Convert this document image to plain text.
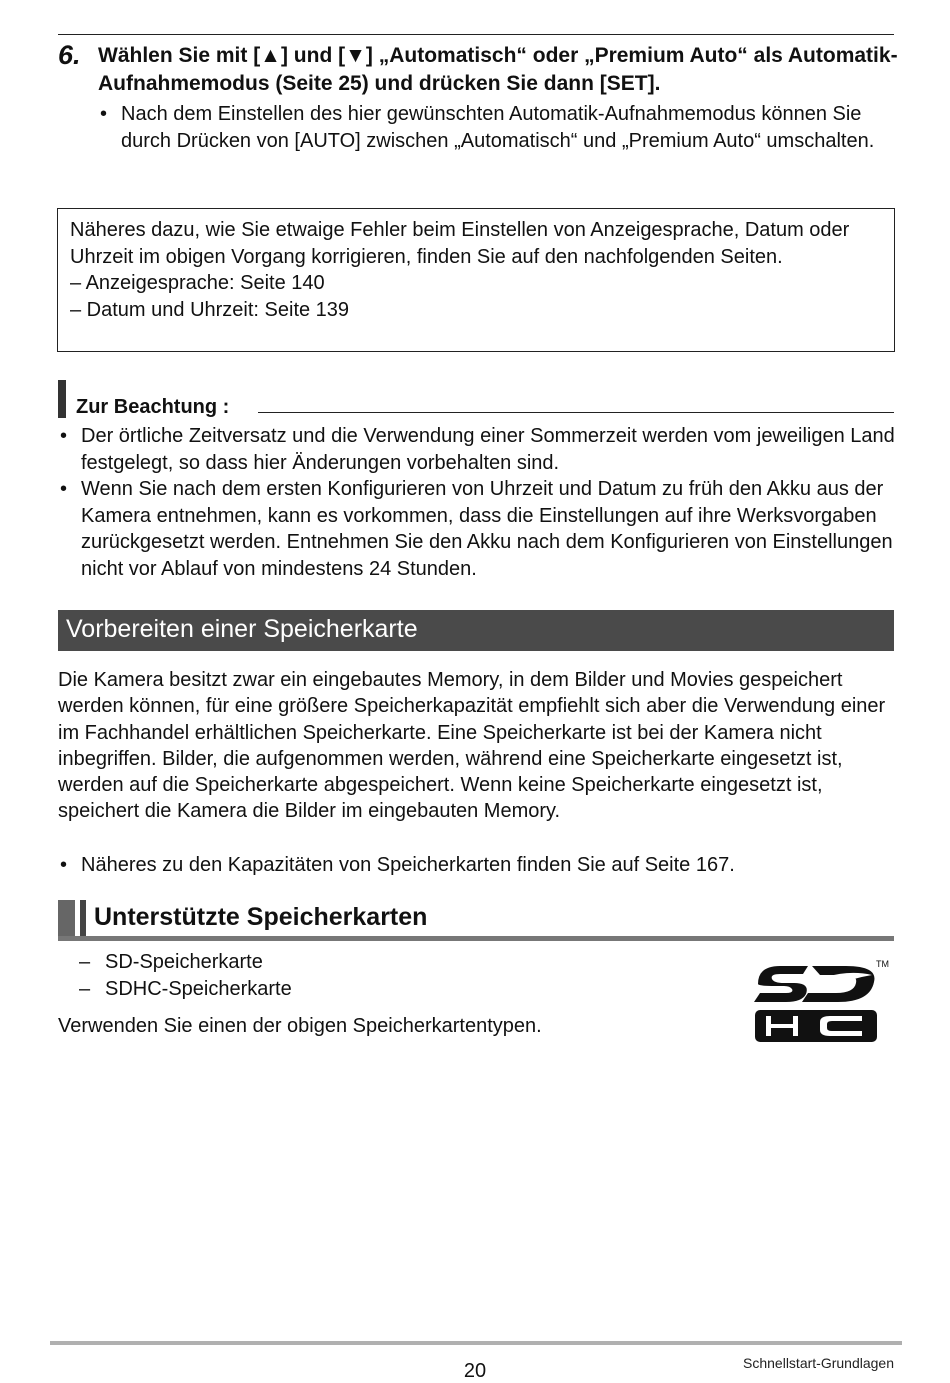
6. Wählen Sie mit [▲] und [▼] „Automatisch“ oder „Premium Auto“ als Automatik-Aufnahmemodus (Seite 25) und drücken Sie dann [SET].
• Nach dem Einstellen des hier gewünschten Automatik-Aufnahmemodus können Sie durch Drücken von [AUTO] zwischen „Automatisch“ und „Premium Auto“ umschalten.
Näheres dazu, wie Sie etwaige Fehler beim Einstellen von Anzeigesprache, Datum oder Uhrzeit im obigen Vorgang korrigieren, finden Sie auf den nachfolgenden Seiten.
– Anzeigesprache: Seite 140
– Datum und Uhrzeit: Seite 139
Zur Beachtung :
• Der örtliche Zeitversatz und die Verwendung einer Sommerzeit werden vom jeweiligen Land festgelegt, so dass hier Änderungen vorbehalten sind.
• Wenn Sie nach dem ersten Konfigurieren von Uhrzeit und Datum zu früh den Akku aus der Kamera entnehmen, kann es vorkommen, dass die Einstellungen auf ihre Werksvorgaben zurückgesetzt werden. Entnehmen Sie den Akku nach dem Konfigurieren von Einstellungen nicht vor Ablauf von mindestens 24 Stunden.
Vorbereiten einer Speicherkarte
Die Kamera besitzt zwar ein eingebautes Memory, in dem Bilder und Movies gespeichert werden können, für eine größere Speicherkapazität empfiehlt sich aber die Verwendung einer im Fachhandel erhältlichen Speicherkarte. Eine Speicherkarte ist bei der Kamera nicht inbegriffen. Bilder, die aufgenommen werden, während eine Speicherkarte eingesetzt ist, werden auf die Speicherkarte abgespeichert. Wenn keine Speicherkarte eingesetzt ist, speichert die Kamera die Bilder im eingebauten Memory.
• Näheres zu den Kapazitäten von Speicherkarten finden Sie auf Seite 167.
Unterstützte Speicherkarten
– SD-Speicherkarte
– SDHC-Speicherkarte
Verwenden Sie einen der obigen Speicherkartentypen.
TM
20	Schnellstart-Grundlagen
